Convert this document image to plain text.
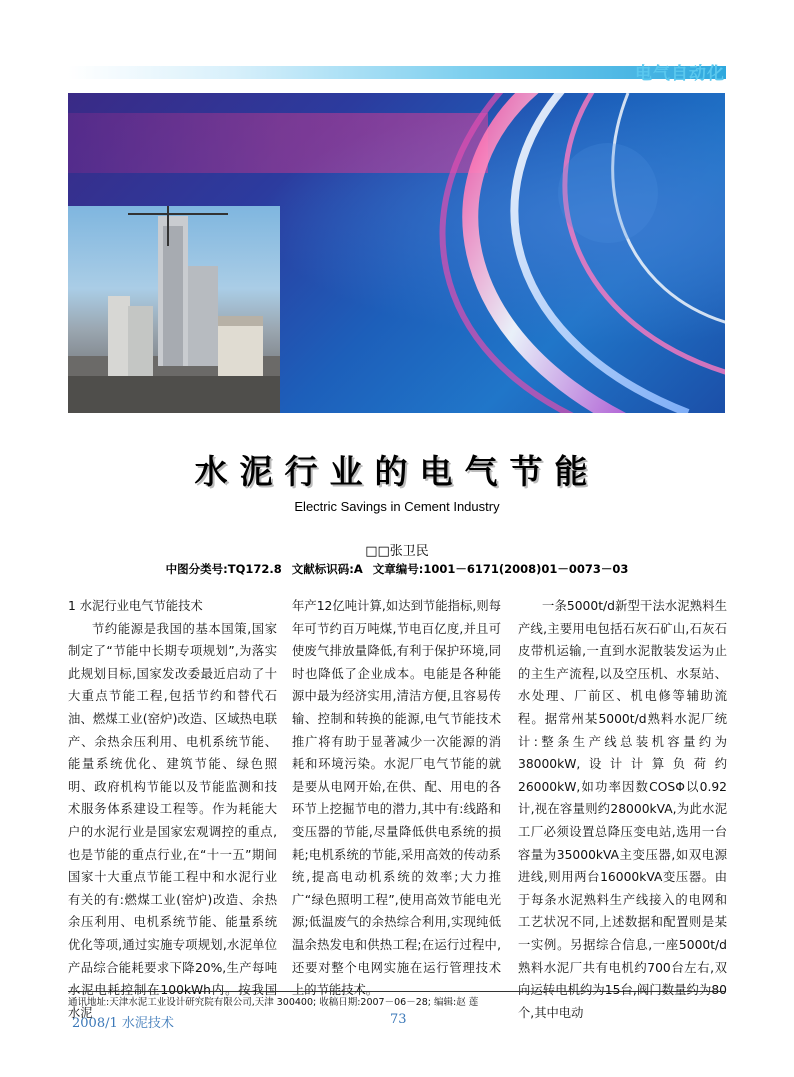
电气自动化
水泥行业的电气节能
Electric Savings in Cement Industry
□□张卫民
中图分类号:TQ172.8 文献标识码:A 文章编号:1001－6171(2008)01－0073－03

1 水泥行业电气节能技术

节约能源是我国的基本国策,国家制定了“节能中长期专项规划”,为落实此规划目标,国家发改委最近启动了十大重点节能工程,包括节约和替代石油、燃煤工业(窑炉)改造、区域热电联产、余热余压利用、电机系统节能、能量系统优化、建筑节能、绿色照明、政府机构节能以及节能监测和技术服务体系建设工程等。作为耗能大户的水泥行业是国家宏观调控的重点,也是节能的重点行业,在“十一五”期间国家十大重点节能工程中和水泥行业有关的有:燃煤工业(窑炉)改造、余热余压利用、电机系统节能、能量系统优化等项,通过实施专项规划,水泥单位产品综合能耗要求下降20%,生产每吨水泥电耗控制在100kWh内。按我国水泥

年产12亿吨计算,如达到节能指标,则每年可节约百万吨煤,节电百亿度,并且可使废气排放量降低,有利于保护环境,同时也降低了企业成本。电能是各种能源中最为经济实用,清洁方便,且容易传输、控制和转换的能源,电气节能技术推广将有助于显著减少一次能源的消耗和环境污染。水泥厂电气节能的就是要从电网开始,在供、配、用电的各环节上挖掘节电的潜力,其中有:线路和变压器的节能,尽量降低供电系统的损耗;电机系统的节能,采用高效的传动系统,提高电动机系统的效率;大力推广“绿色照明工程”,使用高效节能电光源;低温废气的余热综合利用,实现纯低温余热发电和供热工程;在运行过程中,还要对整个电网实施在运行管理技术上的节能技术。

一条5000t/d新型干法水泥熟料生产线,主要用电包括石灰石矿山,石灰石皮带机运输,一直到水泥散装发运为止的主生产流程,以及空压机、水泵站、水处理、厂前区、机电修等辅助流程。据常州某5000t/d熟料水泥厂统计:整条生产线总装机容量约为38000kW,设计计算负荷约26000kW,如功率因数COSΦ以0.92计,视在容量则约28000kVA,为此水泥工厂必须设置总降压变电站,选用一台容量为35000kVA主变压器,如双电源进线,则用两台16000kVA变压器。由于每条水泥熟料生产线接入的电网和工艺状况不同,上述数据和配置则是某一实例。另据综合信息,一座5000t/d熟料水泥厂共有电机约700台左右,双向运转电机约为15台,阀门数量约为80个,其中电动

通讯地址:天津水泥工业设计研究院有限公司,天津 300400; 收稿日期:2007－06－28; 编辑:赵 莲
2008/1 水泥技术	73
